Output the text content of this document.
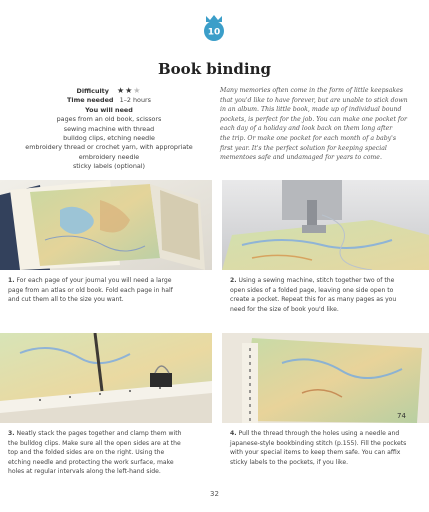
10
Book binding
Difficulty ★★★
Time needed 1–2 hours
You will need
pages from an old book, scissors
sewing machine with thread
bulldog clips, etching needle
embroidery thread or crochet yarn, with appropriate
embroidery needle
sticky labels (optional)
Many memories often come in the form of little keepsakes
that you'd like to have forever, but are unable to stick down
in an album. This little book, made up of individual bound
pockets, is perfect for the job. You can make one pocket for
each day of a holiday and look back on them long after
the trip. Or make one pocket for each month of a baby's
first year. It's the perfect solution for keeping special
mementoes safe and undamaged for years to come.
1. For each page of your journal you will need a large
page from an atlas or old book. Fold each page in half
and cut them all to the size you want.
2. Using a sewing machine, stitch together two of the
open sides of a folded page, leaving one side open to
create a pocket. Repeat this for as many pages as you
need for the size of book you'd like.
74
3. Neatly stack the pages together and clamp them with
the bulldog clips. Make sure all the open sides are at the
top and the folded sides are on the right. Using the
etching needle and protecting the work surface, make
holes at regular intervals along the left-hand side.
4. Pull the thread through the holes using a needle and
japanese-style bookbinding stitch (p.155). Fill the pockets
with your special items to keep them safe. You can affix
sticky labels to the pockets, if you like.
32
